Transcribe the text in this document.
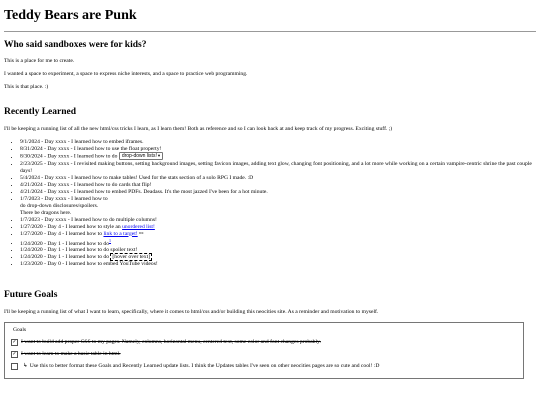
Teddy Bears are Punk
Who said sandboxes were for kids?

This is a place for me to create.

I wanted a space to experiment, a space to express niche interests, and a space to practice web programming.

This is that place. :)

Recently Learned

I'll be keeping a running list of all the new html/css tricks I learn, as I learn them! Both as reference and so I can look back at and keep track of my progress. Exciting stuff. ;)

• 9/1/2024 - Day xxxx - I learned how to embed iframes.
• 8/31/2024 - Day xxxx - I learned how to use the float property!
• 8/30/2024 - Day xxxx - I learned how to do drop-down lists!▾
• 2/23/2025 - Day xxxx - I revisited making buttons, setting background images, setting favicon images, adding text glow, changing font positioning, and a lot more while working on a certain vampire-centric shrine the past couple days!
• 5/4/2024 - Day xxxx - I learned how to make tables! Used for the stats section of a solo RPG I made. :D
• 4/21/2024 - Day xxxx - I learned how to do cards that flip!
• 4/21/2024 - Day xxxx - I learned how to embed PDFs. Deadass. It's the most jazzed I've been for a hot minute.
• 1/7/2023 - Day xxxx - I learned how to
do drop-down disclosures/spoilers.
There be dragons here.
• 1/7/2023 - Day xxxx - I learned how to do multiple columns!
• 1/27/2020 - Day 4 - I learned how to style an unordered list!
• 1/27/2020 - Day 4 - I learned how to link to a target! ✏
• 1/24/2020 - Day 1 - I learned how to do$^1$
• 1/24/2020 - Day 1 - I learned how to do spoiler text!
• 1/24/2020 - Day 1 - I learned how to do [hover over text]
• 1/23/2020 - Day 0 - I learned how to embed YouTube videos!
Future Goals

I'll be keeping a running list of what I want to learn, specifically, where it comes to html/css and/or building this neocities site. As a reminder and motivation to myself.

Goals
✓
I want to build add proper CSS to my pages. Namely, columns, horizontal menu, centered text, some color and font changes probably.
✓
I want to learn to make a basic table in html.
↳ Use this to better format these Goals and Recently Learned update lists. I think the Updates tables I've seen on other neocities pages are so cute and cool! :D
